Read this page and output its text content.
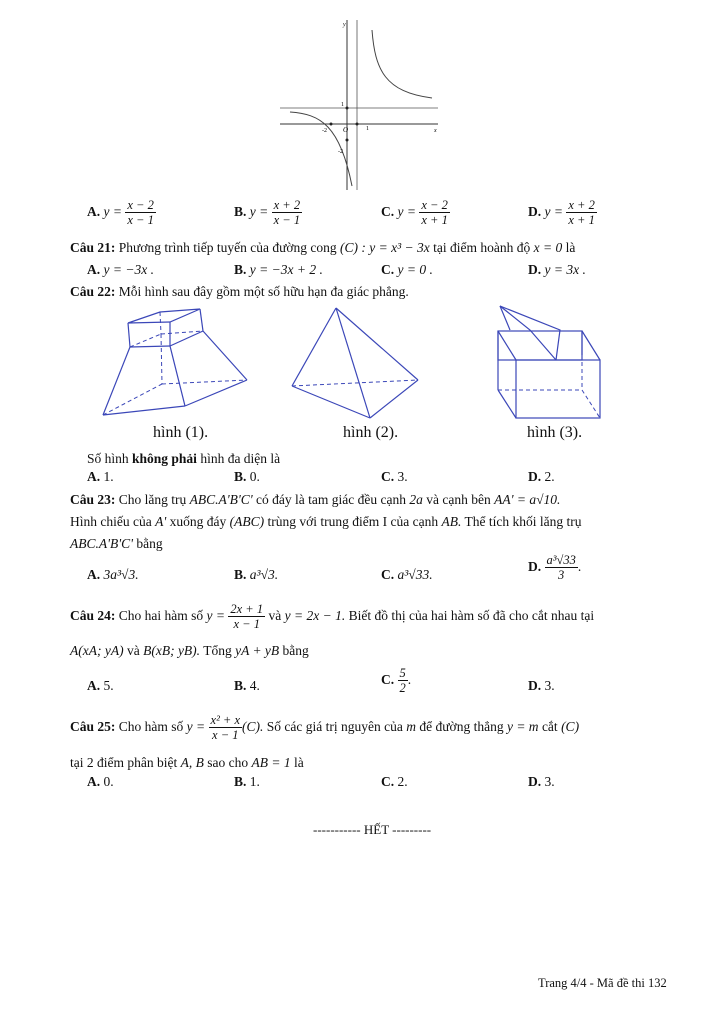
y
x
1
1
O
-2
-2
A. $y = \frac{x - 2}{x - 1}$	B. $y = \frac{x + 2}{x - 1}$	C. $y = \frac{x - 2}{x + 1}$	D. $y = \frac{x + 2}{x + 1}$
Câu 21: Phương trình tiếp tuyến của đường cong (C) : y = x³ − 3x tại điểm hoành độ x = 0 là
A. y = −3x .	B. y = −3x + 2 .	C. y = 0 .	D. y = 3x .
Câu 22: Mỗi hình sau đây gồm một số hữu hạn đa giác phẳng.
hình (1).	hình (2).	hình (3).
Số hình không phải hình đa diện là
A. 1.	B. 0.	C. 3.	D. 2.
Câu 23: Cho lăng trụ ABC.A'B'C' có đáy là tam giác đều cạnh 2a và cạnh bên AA' = a√10.
Hình chiếu của A' xuống đáy (ABC) trùng với trung điểm I của cạnh AB. Thể tích khối lăng trụ
ABC.A'B'C' bằng
A. 3a³√3.	B. a³√3.	C. a³√33.
D. $\frac{\text{a³√33}}{3}$ .
Câu 24: Cho hai hàm số $y = \frac{2x + 1}{x - 1}$ và y = 2x − 1. Biết đồ thị của hai hàm số đã cho cắt nhau tại
A(xA; yA) và B(xB; yB). Tổng yA + yB bằng
A. 5.	B. 4.	C. $\frac{5}{2}$ .	D. 3.
Câu 25: Cho hàm số $y = \frac{\text{x² + x}}{x - 1} (C)$. Số các giá trị nguyên của m để đường thẳng y = m cắt (C)
tại 2 điểm phân biệt A, B sao cho AB = 1 là
A. 0.	B. 1.	C. 2.	D. 3.
----------- HẾT ---------
Trang 4/4 - Mã đề thi 132
